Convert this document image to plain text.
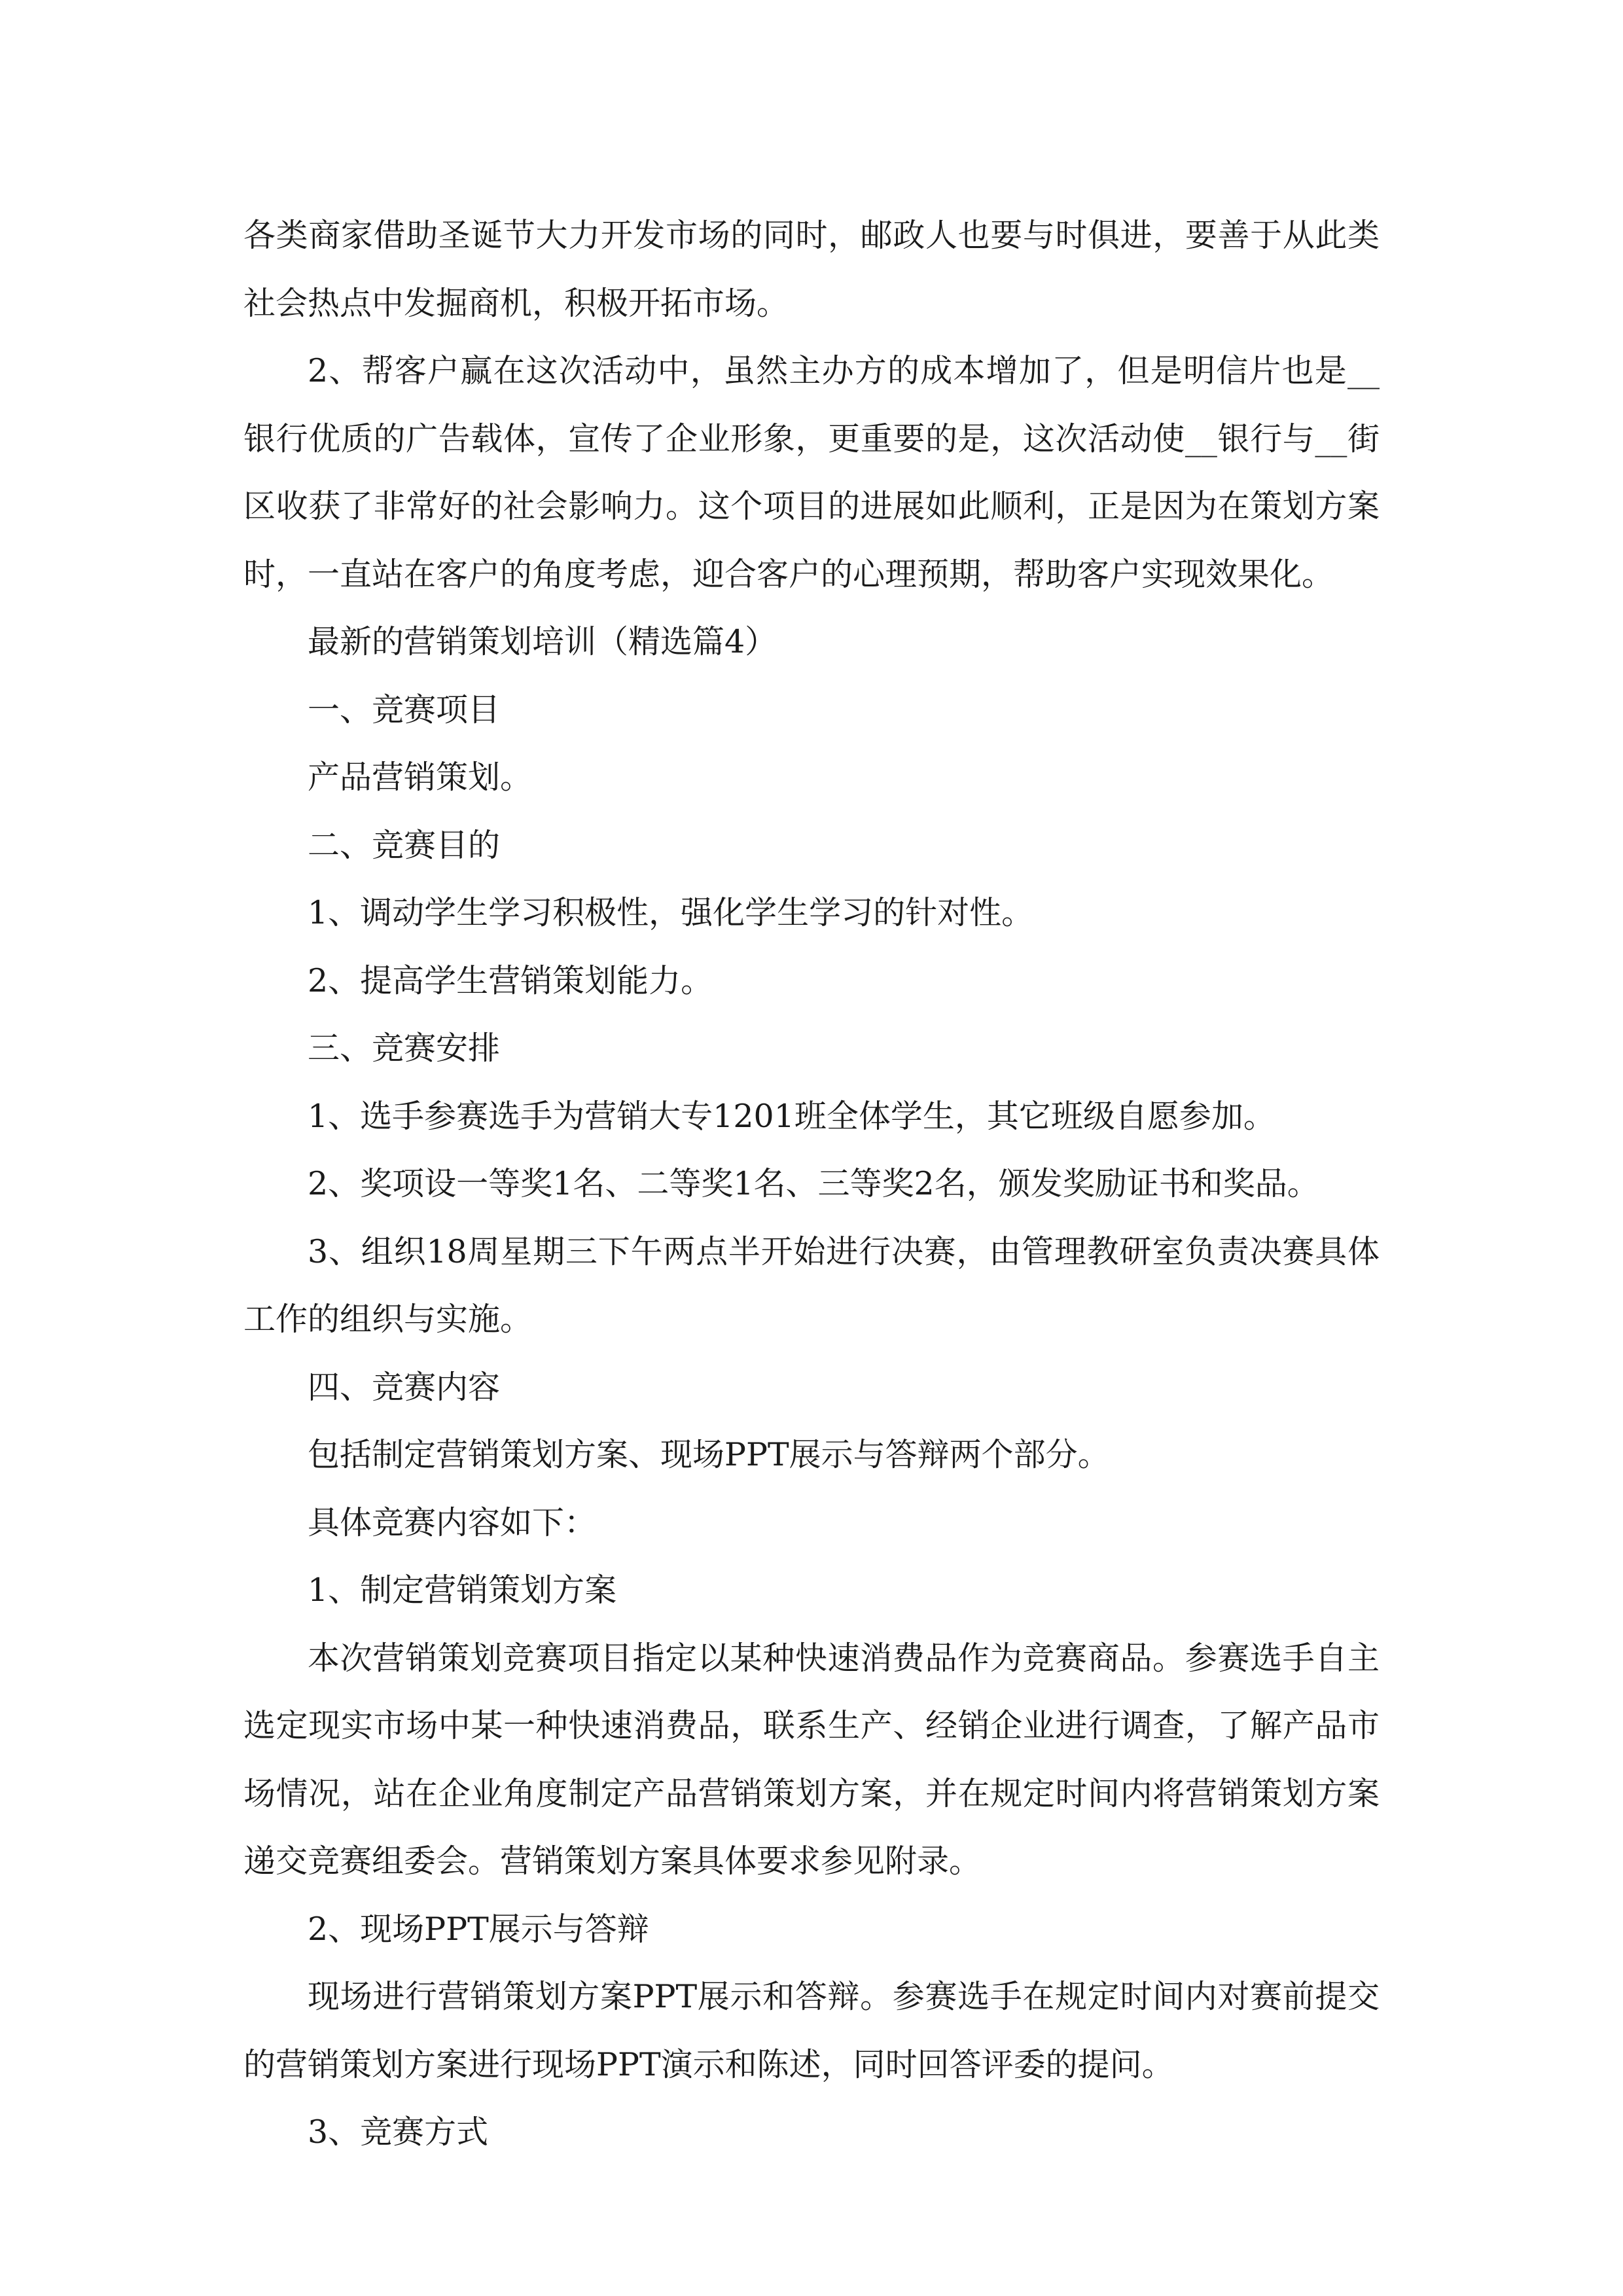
各类商家借助圣诞节大力开发市场的同时，邮政人也要与时俱进，要善于从此类社会热点中发掘商机，积极开拓市场。

2、帮客户赢在这次活动中，虽然主办方的成本增加了，但是明信片也是__银行优质的广告载体，宣传了企业形象，更重要的是，这次活动使__银行与__街区收获了非常好的社会影响力。这个项目的进展如此顺利，正是因为在策划方案时，一直站在客户的角度考虑，迎合客户的心理预期，帮助客户实现效果化。

最新的营销策划培训（精选篇4）

一、竞赛项目

产品营销策划。

二、竞赛目的

1、调动学生学习积极性，强化学生学习的针对性。

2、提高学生营销策划能力。

三、竞赛安排

1、选手参赛选手为营销大专1201班全体学生，其它班级自愿参加。

2、奖项设一等奖1名、二等奖1名、三等奖2名，颁发奖励证书和奖品。

3、组织18周星期三下午两点半开始进行决赛，由管理教研室负责决赛具体工作的组织与实施。

四、竞赛内容

包括制定营销策划方案、现场PPT展示与答辩两个部分。

具体竞赛内容如下：

1、制定营销策划方案

本次营销策划竞赛项目指定以某种快速消费品作为竞赛商品。参赛选手自主选定现实市场中某一种快速消费品，联系生产、经销企业进行调查，了解产品市场情况，站在企业角度制定产品营销策划方案，并在规定时间内将营销策划方案递交竞赛组委会。营销策划方案具体要求参见附录。

2、现场PPT展示与答辩

现场进行营销策划方案PPT展示和答辩。参赛选手在规定时间内对赛前提交的营销策划方案进行现场PPT演示和陈述，同时回答评委的提问。

3、竞赛方式
